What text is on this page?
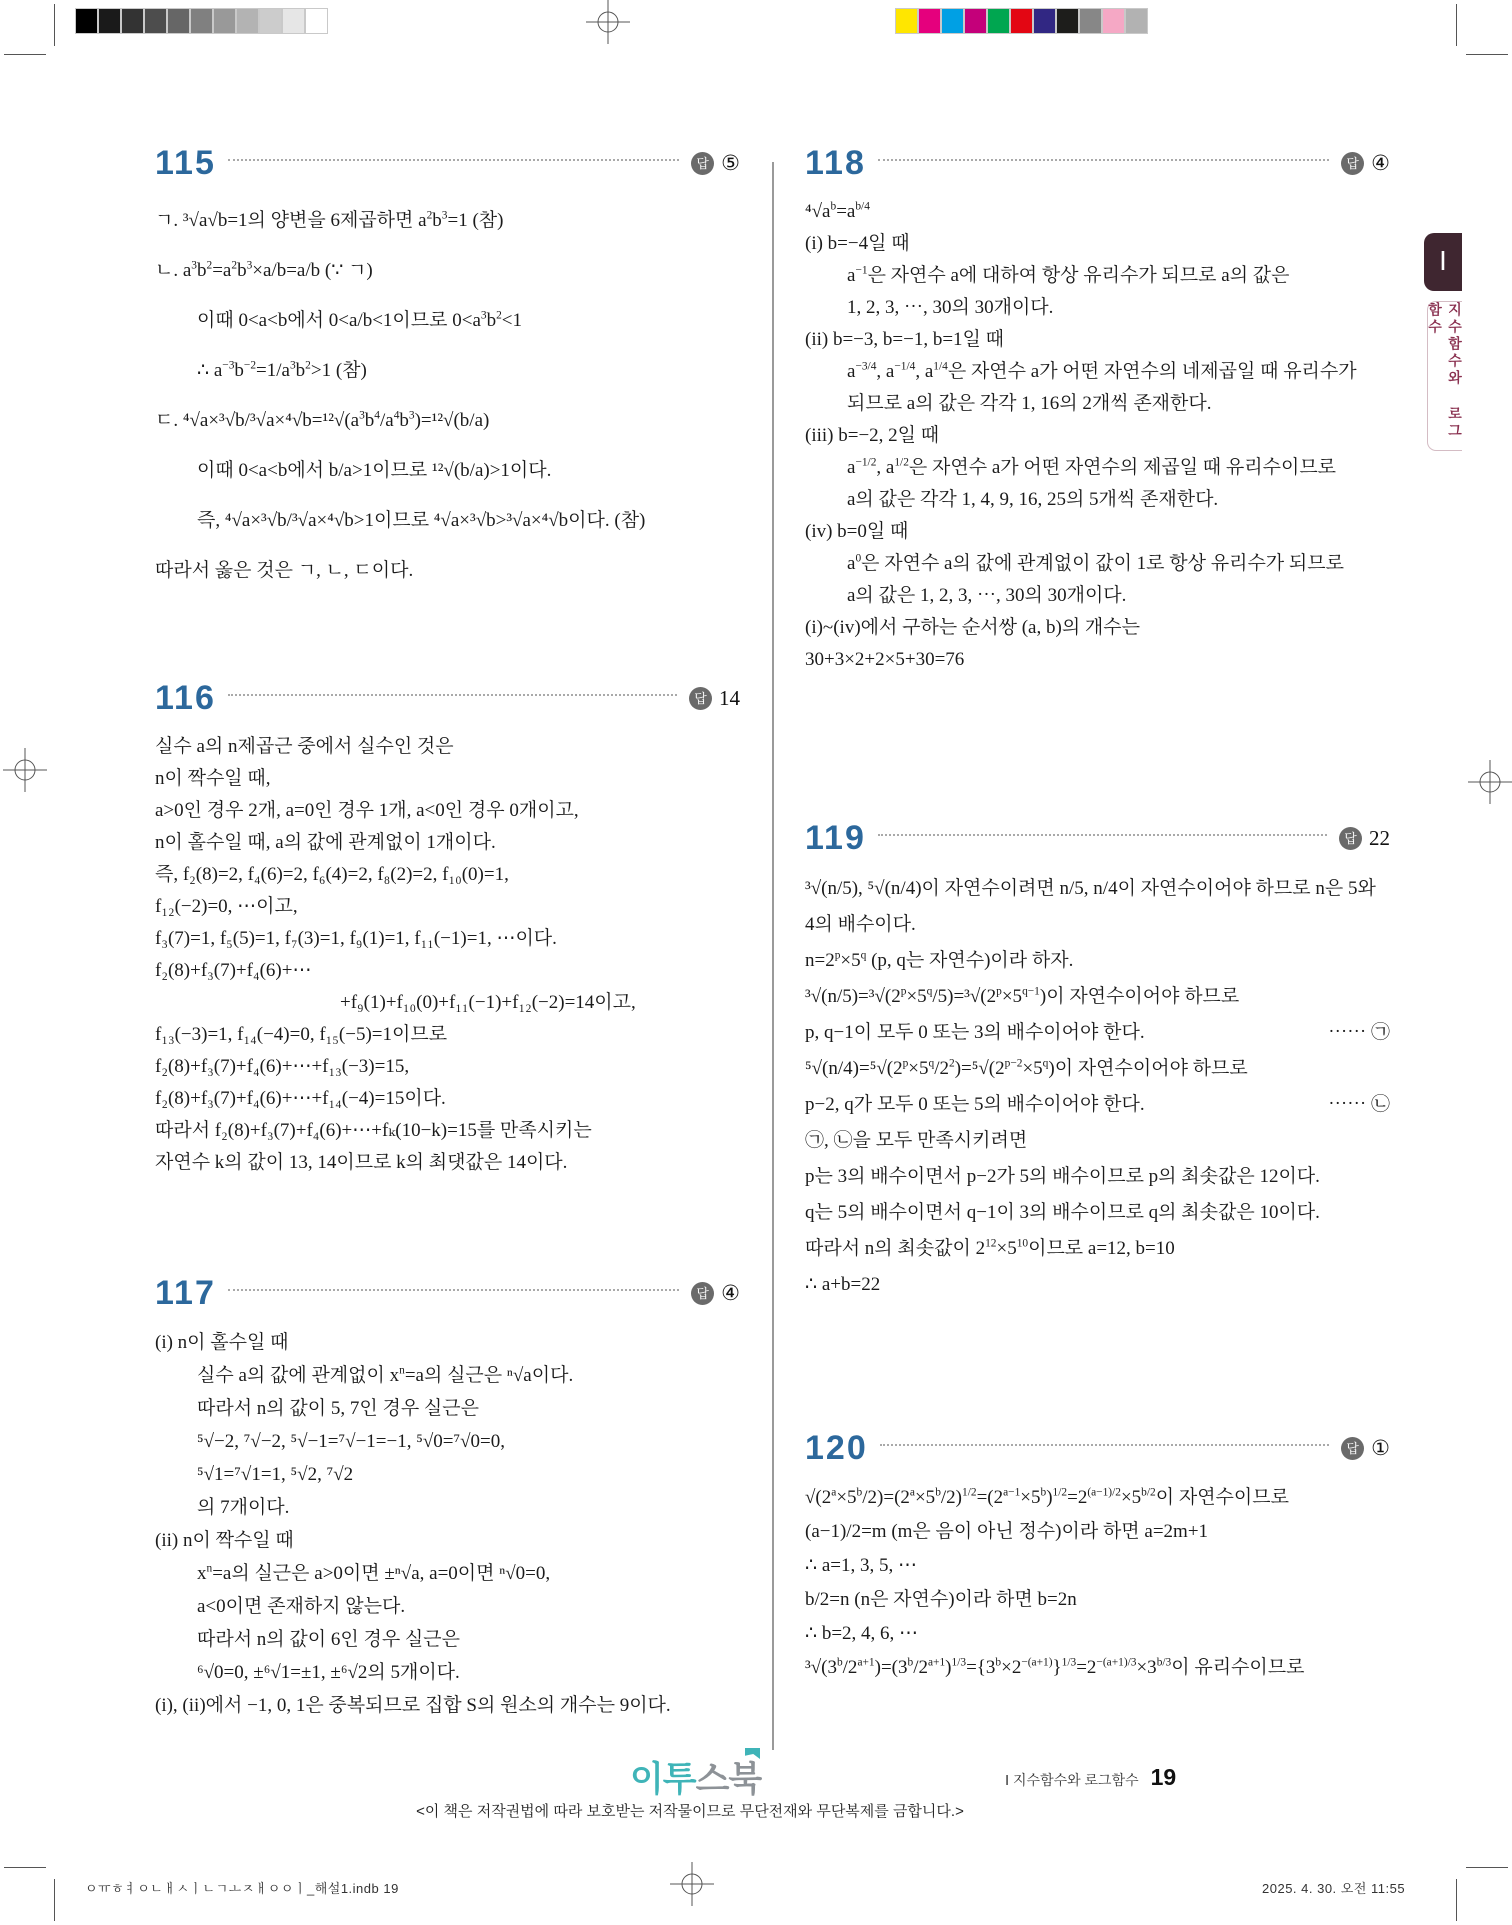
Ⅰ
지수함수와 로그함수
115	답 ⑤
ㄱ. ³√a√b=1의 양변을 6제곱하면 $a^2b^3=1$ (참)
ㄴ. $a^3b^2=a^2b^3\times a/b=a/b$ (∵ ㄱ)
이때 0<a<b에서 0<a/b<1이므로 $0<a^3b^2<1$
∴ $a^{-3}b^{-2}=1/a^3b^2>1$ (참)
ㄷ. $^4√a\times^3√b/^3√a\times^4√b=^{12}√(a^3b^4/a^4b^3)=^{12}√(b/a)$
이때 0<a<b에서 b/a>1이므로 ¹²√(b/a)>1이다.
즉, ⁴√a×³√b/³√a×⁴√b>1이므로 ⁴√a×³√b>³√a×⁴√b이다. (참)
따라서 옳은 것은 ㄱ, ㄴ, ㄷ이다.
116	답 14
실수 a의 n제곱근 중에서 실수인 것은
n이 짝수일 때,
a>0인 경우 2개, a=0인 경우 1개, a<0인 경우 0개이고,
n이 홀수일 때, a의 값에 관계없이 1개이다.
즉, f₂(8)=2, f₄(6)=2, f₆(4)=2, f₈(2)=2, f₁₀(0)=1,
f₁₂(−2)=0, ⋯이고,
f₃(7)=1, f₅(5)=1, f₇(3)=1, f₉(1)=1, f₁₁(−1)=1, ⋯이다.
f₂(8)+f₃(7)+f₄(6)+⋯
+f₉(1)+f₁₀(0)+f₁₁(−1)+f₁₂(−2)=14이고,
f₁₃(−3)=1, f₁₄(−4)=0, f₁₅(−5)=1이므로
f₂(8)+f₃(7)+f₄(6)+⋯+f₁₃(−3)=15,
f₂(8)+f₃(7)+f₄(6)+⋯+f₁₄(−4)=15이다.
따라서 f₂(8)+f₃(7)+f₄(6)+⋯+fₖ(10−k)=15를 만족시키는
자연수 k의 값이 13, 14이므로 k의 최댓값은 14이다.
117	답 ④
(i) n이 홀수일 때
실수 a의 값에 관계없이 $x^n=a$의 실근은 ⁿ√a이다.
따라서 n의 값이 5, 7인 경우 실근은
⁵√−2, ⁷√−2, ⁵√−1=⁷√−1=−1, ⁵√0=⁷√0=0,
⁵√1=⁷√1=1, ⁵√2, ⁷√2
의 7개이다.
(ii) n이 짝수일 때
$x^n=a$의 실근은 a>0이면 ±ⁿ√a, a=0이면 ⁿ√0=0,
a<0이면 존재하지 않는다.
따라서 n의 값이 6인 경우 실근은
⁶√0=0, ±⁶√1=±1, ±⁶√2의 5개이다.
(i), (ii)에서 −1, 0, 1은 중복되므로 집합 S의 원소의 개수는 9이다.
118	답 ④
$^4√a^b=a^{b/4}$
(i) b=−4일 때
$a^{-1}$은 자연수 a에 대하여 항상 유리수가 되므로 a의 값은
1, 2, 3, ⋯, 30의 30개이다.
(ii) b=−3, b=−1, b=1일 때
$a^{-3/4}$, $a^{-1/4}$, $a^{1/4}$은 자연수 a가 어떤 자연수의 네제곱일 때 유리수가
되므로 a의 값은 각각 1, 16의 2개씩 존재한다.
(iii) b=−2, 2일 때
$a^{-1/2}$, $a^{1/2}$은 자연수 a가 어떤 자연수의 제곱일 때 유리수이므로
a의 값은 각각 1, 4, 9, 16, 25의 5개씩 존재한다.
(iv) b=0일 때
$a^0$은 자연수 a의 값에 관계없이 값이 1로 항상 유리수가 되므로
a의 값은 1, 2, 3, ⋯, 30의 30개이다.
(i)~(iv)에서 구하는 순서쌍 (a, b)의 개수는
30+3×2+2×5+30=76
119	답 22
³√(n/5), ⁵√(n/4)이 자연수이려면 n/5, n/4이 자연수이어야 하므로 n은 5와
4의 배수이다.
$n=2^p\times 5^q$ (p, q는 자연수)이라 하자.
$^3√(n/5)=^3√(2^p\times 5^q/5)=^3√(2^p\times 5^{q-1})$이 자연수이어야 하므로
p, q−1이 모두 0 또는 3의 배수이어야 한다.	⋯⋯ ㉠
$^5√(n/4)=^5√(2^p\times 5^q/2^2)=^5√(2^{p-2}\times 5^q)$이 자연수이어야 하므로
p−2, q가 모두 0 또는 5의 배수이어야 한다.	⋯⋯ ㉡
㉠, ㉡을 모두 만족시키려면
p는 3의 배수이면서 p−2가 5의 배수이므로 p의 최솟값은 12이다.
q는 5의 배수이면서 q−1이 3의 배수이므로 q의 최솟값은 10이다.
따라서 n의 최솟값이 $2^{12}\times 5^{10}$이므로 a=12, b=10
∴ a+b=22
120	답 ①
$√(2^a\times 5^b/2)=(2^a\times 5^b/2)^{1/2}=(2^{a-1}\times 5^b)^{1/2}=2^{(a-1)/2}\times 5^{b/2}$이 자연수이므로
(a−1)/2=m (m은 음이 아닌 정수)이라 하면 a=2m+1
∴ a=1, 3, 5, ⋯
b/2=n (n은 자연수)이라 하면 b=2n
∴ b=2, 4, 6, ⋯
$^3√(3^b/2^{a+1})=(3^b/2^{a+1})^{1/3}=\{3^b\times 2^{-(a+1)}\}^{1/3}=2^{-(a+1)/3}\times 3^{b/3}$이 유리수이므로
이투스북
<이 책은 저작권법에 따라 보호받는 저작물이므로 무단전재와 무단복제를 금합니다.>
Ⅰ 지수함수와 로그함수 19
ㅇㅠㅎㅕㅇㄴㅐㅅㅣㄴㄱㅗㅈㅐㅇㅇㅣ_해설1.indb 19	2025. 4. 30. 오전 11:55
